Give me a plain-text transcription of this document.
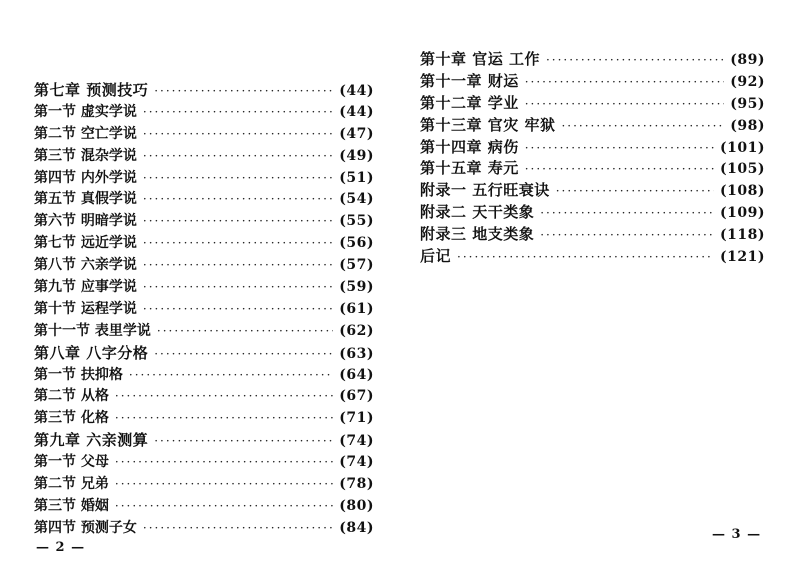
第七章 预测技巧 ·····	(44)
第一节 虚实学说 ·····	(44)
第二节 空亡学说 ·····	(47)
第三节 混杂学说 ·····	(49)
第四节 内外学说 ·····	(51)
第五节 真假学说 ·····	(54)
第六节 明暗学说 ·····	(55)
第七节 远近学说 ·····	(56)
第八节 六亲学说 ·····	(57)
第九节 应事学说 ·····	(59)
第十节 运程学说 ·····	(61)
第十一节 表里学说 ·····	(62)
第八章 八字分格 ·····	(63)
第一节 扶抑格 ·····	(64)
第二节 从格 ·····	(67)
第三节 化格 ·····	(71)
第九章 六亲测算 ·····	(74)
第一节 父母 ·····	(74)
第二节 兄弟 ·····	(78)
第三节 婚姻 ·····	(80)
第四节 预测子女 ·····	(84)
第十章 官运 工作 ·····	(89)
第十一章 财运 ·····	(92)
第十二章 学业 ·····	(95)
第十三章 官灾 牢狱 ·····	(98)
第十四章 病伤 ·····	(101)
第十五章 寿元 ·····	(105)
附录一 五行旺衰诀 ·····	(108)
附录二 天干类象 ·····	(109)
附录三 地支类象 ·····	(118)
后记 ·····	(121)
— 2 —
— 3 —
